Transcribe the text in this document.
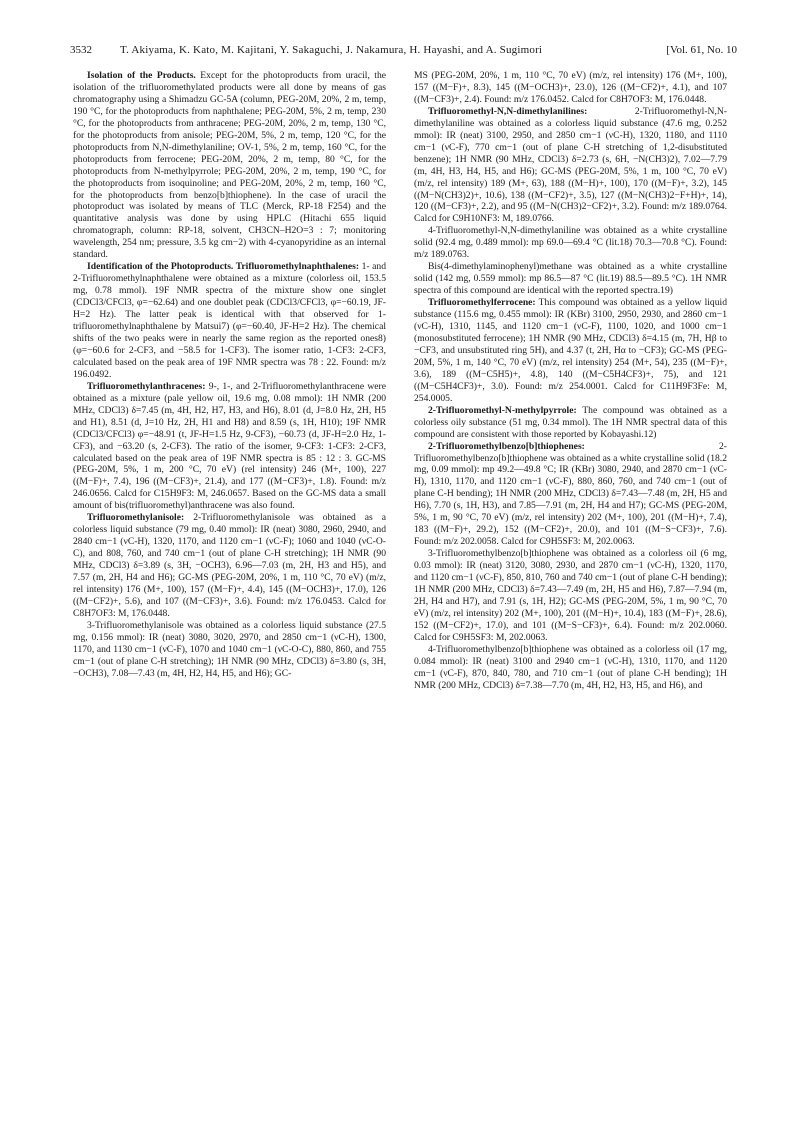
3532	T. Akiyama, K. Kato, M. Kajitani, Y. Sakaguchi, J. Nakamura, H. Hayashi, and A. Sugimori	[Vol. 61, No. 10

Isolation of the Products. Except for the photoproducts from uracil, the isolation of the trifluoromethylated products were all done by means of gas chromatography using a Shimadzu GC-5A (column, PEG-20M, 20%, 2 m, temp, 190 °C, for the photoproducts from naphthalene; PEG-20M, 5%, 2 m, temp, 230 °C, for the photoproducts from anthracene; PEG-20M, 20%, 2 m, temp, 130 °C, for the photoproducts from anisole; PEG-20M, 5%, 2 m, temp, 120 °C, for the photoproducts from N,N-dimethylaniline; OV-1, 5%, 2 m, temp, 160 °C, for the photoproducts from ferrocene; PEG-20M, 20%, 2 m, temp, 80 °C, for the photoproducts from N-methylpyrrole; PEG-20M, 20%, 2 m, temp, 190 °C, for the photoproducts from isoquinoline; and PEG-20M, 20%, 2 m, temp, 160 °C, for the photoproducts from benzo[b]thiophene). In the case of uracil the photoproduct was isolated by means of TLC (Merck, RP-18 F254) and the quantitative analysis was done by using HPLC (Hitachi 655 liquid chromatograph, column: RP-18, solvent, CH3CN–H2O=3 : 7; monitoring wavelength, 254 nm; pressure, 3.5 kg cm−2) with 4-cyanopyridine as an internal standard.

Identification of the Photoproducts. Trifluoromethylnaphthalenes: 1- and 2-Trifluoromethylnaphthalene were obtained as a mixture (colorless oil, 153.5 mg, 0.78 mmol). 19F NMR spectra of the mixture show one singlet (CDCl3/CFCl3, φ=−62.64) and one doublet peak (CDCl3/CFCl3, φ=−60.19, JF-H=2 Hz). The latter peak is identical with that observed for 1-trifluoromethylnaphthalene by Matsui7) (φ=−60.40, JF-H=2 Hz). The chemical shifts of the two peaks were in nearly the same region as the reported ones8) (φ=−60.6 for 2-CF3, and −58.5 for 1-CF3). The isomer ratio, 1-CF3: 2-CF3, calculated based on the peak area of 19F NMR spectra was 78 : 22. Found: m/z 196.0492.

Trifluoromethylanthracenes: 9-, 1-, and 2-Trifluoromethylanthracene were obtained as a mixture (pale yellow oil, 19.6 mg, 0.08 mmol): 1H NMR (200 MHz, CDCl3) δ=7.45 (m, 4H, H2, H7, H3, and H6), 8.01 (d, J=8.0 Hz, 2H, H5 and H1), 8.51 (d, J=10 Hz, 2H, H1 and H8) and 8.59 (s, 1H, H10); 19F NMR (CDCl3/CFCl3) φ=−48.91 (t, JF-H=1.5 Hz, 9-CF3), −60.73 (d, JF-H=2.0 Hz, 1-CF3), and −63.20 (s, 2-CF3). The ratio of the isomer, 9-CF3: 1-CF3: 2-CF3, calculated based on the peak area of 19F NMR spectra is 85 : 12 : 3. GC-MS (PEG-20M, 5%, 1 m, 200 °C, 70 eV) (rel intensity) 246 (M+, 100), 227 ((M−F)+, 7.4), 196 ((M−CF3)+, 21.4), and 177 ((M−CF3)+, 1.8). Found: m/z 246.0656. Calcd for C15H9F3: M, 246.0657. Based on the GC-MS data a small amount of bis(trifluoromethyl)anthracene was also found.

Trifluoromethylanisole: 2-Trifluoromethylanisole was obtained as a colorless liquid substance (79 mg, 0.40 mmol): IR (neat) 3080, 2960, 2940, and 2840 cm−1 (νC-H), 1320, 1170, and 1120 cm−1 (νC-F); 1060 and 1040 (νC-O-C), and 808, 760, and 740 cm−1 (out of plane C-H stretching); 1H NMR (90 MHz, CDCl3) δ=3.89 (s, 3H, −OCH3), 6.96—7.03 (m, 2H, H3 and H5), and 7.57 (m, 2H, H4 and H6); GC-MS (PEG-20M, 20%, 1 m, 110 °C, 70 eV) (m/z, rel intensity) 176 (M+, 100), 157 ((M−F)+, 4.4), 145 ((M−OCH3)+, 17.0), 126 ((M−CF2)+, 5.6), and 107 ((M−CF3)+, 3.6). Found: m/z 176.0453. Calcd for C8H7OF3: M, 176.0448.

3-Trifluoromethylanisole was obtained as a colorless liquid substance (27.5 mg, 0.156 mmol): IR (neat) 3080, 3020, 2970, and 2850 cm−1 (νC-H), 1300, 1170, and 1130 cm−1 (νC-F), 1070 and 1040 cm−1 (νC-O-C), 880, 860, and 755 cm−1 (out of plane C-H stretching); 1H NMR (90 MHz, CDCl3) δ=3.80 (s, 3H, −OCH3), 7.08—7.43 (m, 4H, H2, H4, H5, and H6); GC-

MS (PEG-20M, 20%, 1 m, 110 °C, 70 eV) (m/z, rel intensity) 176 (M+, 100), 157 ((M−F)+, 8.3), 145 ((M−OCH3)+, 23.0), 126 ((M−CF2)+, 4.1), and 107 ((M−CF3)+, 2.4). Found: m/z 176.0452. Calcd for C8H7OF3: M, 176.0448.

Trifluoromethyl-N,N-dimethylanilines:	2-Trifluoromethyl-N,N-dimethylaniline was obtained as a colorless liquid substance (47.6 mg, 0.252 mmol): IR (neat) 3100, 2950, and 2850 cm−1 (νC-H), 1320, 1180, and 1110 cm−1 (νC-F), 770 cm−1 (out of plane C-H stretching of 1,2-disubstituted benzene); 1H NMR (90 MHz, CDCl3) δ=2.73 (s, 6H, −N(CH3)2), 7.02—7.79 (m, 4H, H3, H4, H5, and H6); GC-MS (PEG-20M, 5%, 1 m, 100 °C, 70 eV) (m/z, rel intensity) 189 (M+, 63), 188 ((M−H)+, 100), 170 ((M−F)+, 3.2), 145 ((M−N(CH3)2)+, 10.6), 138 ((M−CF2)+, 3.5), 127 ((M−N(CH3)2−F+H)+, 14), 120 ((M−CF3)+, 2.2), and 95 ((M−N(CH3)2−CF2)+, 3.2). Found: m/z 189.0764. Calcd for C9H10NF3: M, 189.0766.

4-Trifluoromethyl-N,N-dimethylaniline was obtained as a white crystalline solid (92.4 mg, 0.489 mmol): mp 69.0—69.4 °C (lit.18) 70.3—70.8 °C). Found: m/z 189.0763.

Bis(4-dimethylaminophenyl)methane was obtained as a white crystalline solid (142 mg, 0.559 mmol): mp 86.5—87 °C (lit.19) 88.5—89.5 °C). 1H NMR spectra of this compound are identical with the reported spectra.19)

Trifluoromethylferrocene: This compound was obtained as a yellow liquid substance (115.6 mg, 0.455 mmol): IR (KBr) 3100, 2950, 2930, and 2860 cm−1 (νC-H), 1310, 1145, and 1120 cm−1 (νC-F), 1100, 1020, and 1000 cm−1 (monosubstituted ferrocene); 1H NMR (90 MHz, CDCl3) δ=4.15 (m, 7H, Hβ to −CF3, and unsubstituted ring 5H), and 4.37 (t, 2H, Hα to −CF3); GC-MS (PEG-20M, 5%, 1 m, 140 °C, 70 eV) (m/z, rel intensity) 254 (M+, 54), 235 ((M−F)+, 3.6), 189 ((M−C5H5)+, 4.8), 140 ((M−C5H4CF3)+, 75), and 121 ((M−C5H4CF3)+, 3.0). Found: m/z 254.0001. Calcd for C11H9F3Fe: M, 254.0005.

2-Trifluoromethyl-N-methylpyrrole: The compound was obtained as a colorless oily substance (51 mg, 0.34 mmol). The 1H NMR spectral data of this compound are consistent with those reported by Kobayashi.12)

2-Trifluoromethylbenzo[b]thiophenes:	2-Trifluoromethylbenzo[b]thiophene was obtained as a white crystalline solid (18.2 mg, 0.09 mmol): mp 49.2—49.8 °C; IR (KBr) 3080, 2940, and 2870 cm−1 (νC-H), 1310, 1170, and 1120 cm−1 (νC-F), 880, 860, 760, and 740 cm−1 (out of plane C-H bending); 1H NMR (200 MHz, CDCl3) δ=7.43—7.48 (m, 2H, H5 and H6), 7.70 (s, 1H, H3), and 7.85—7.91 (m, 2H, H4 and H7); GC-MS (PEG-20M, 5%, 1 m, 90 °C, 70 eV) (m/z, rel intensity) 202 (M+, 100), 201 ((M−H)+, 7.4), 183 ((M−F)+, 29.2), 152 ((M−CF2)+, 20.0), and 101 ((M−S−CF3)+, 7.6). Found: m/z 202.0058. Calcd for C9H5SF3: M, 202.0063.

3-Trifluoromethylbenzo[b]thiophene was obtained as a colorless oil (6 mg, 0.03 mmol): IR (neat) 3120, 3080, 2930, and 2870 cm−1 (νC-H), 1320, 1170, and 1120 cm−1 (νC-F), 850, 810, 760 and 740 cm−1 (out of plane C-H bending); 1H NMR (200 MHz, CDCl3) δ=7.43—7.49 (m, 2H, H5 and H6), 7.87—7.94 (m, 2H, H4 and H7), and 7.91 (s, 1H, H2); GC-MS (PEG-20M, 5%, 1 m, 90 °C, 70 eV) (m/z, rel intensity) 202 (M+, 100), 201 ((M−H)+, 10.4), 183 ((M−F)+, 28.6), 152 ((M−CF2)+, 17.0), and 101 ((M−S−CF3)+, 6.4). Found: m/z 202.0060. Calcd for C9H5SF3: M, 202.0063.

4-Trifluoromethylbenzo[b]thiophene was obtained as a colorless oil (17 mg, 0.084 mmol): IR (neat) 3100 and 2940 cm−1 (νC-H), 1310, 1170, and 1120 cm−1 (νC-F), 870, 840, 780, and 710 cm−1 (out of plane C-H bending); 1H NMR (200 MHz, CDCl3) δ=7.38—7.70 (m, 4H, H2, H3, H5, and H6), and
